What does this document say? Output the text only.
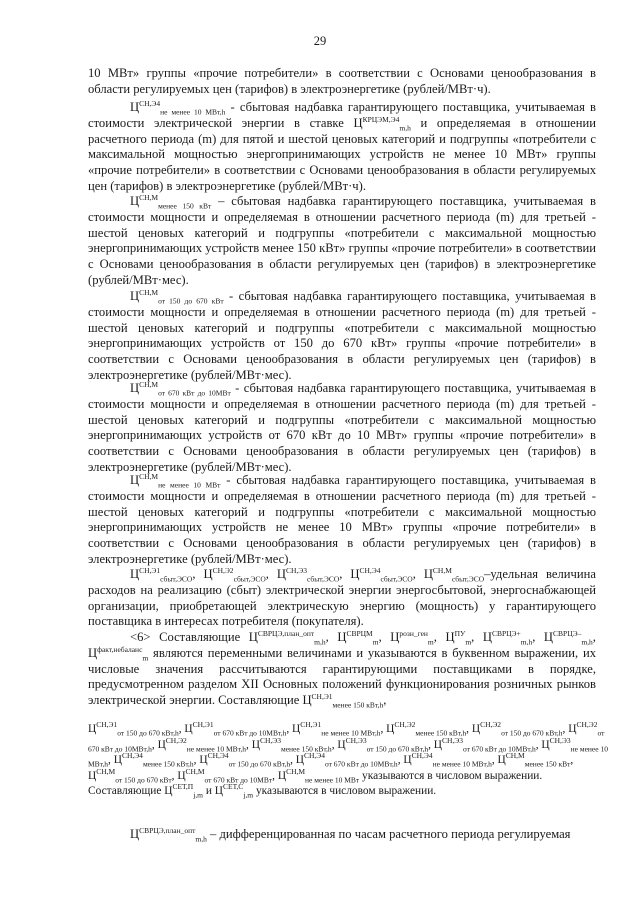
29
10 МВт» группы «прочие потребители» в соответствии с Основами ценообразования в области регулируемых цен (тарифов) в электроэнергетике (рублей/МВт·ч).
$Ц^{СН,Э4}_{не менее 10 МВт,h}$ - сбытовая надбавка гарантирующего поставщика, учитываемая в стоимости электрической энергии в ставке $Ц^{КРЦЭМ,Э4}_{m,h}$ и определяемая в отношении расчетного периода (m) для пятой и шестой ценовых категорий и подгруппы «потребители с максимальной мощностью энергопринимающих устройств не менее 10 МВт» группы «прочие потребители» в соответствии с Основами ценообразования в области регулируемых цен (тарифов) в электроэнергетике (рублей/МВт·ч).
$Ц^{СН,М}_{менее 150 кВт}$ – сбытовая надбавка гарантирующего поставщика, учитываемая в стоимости мощности и определяемая в отношении расчетного периода (m) для третьей - шестой ценовых категорий и подгруппы «потребители с максимальной мощностью энергопринимающих устройств менее 150 кВт» группы «прочие потребители» в соответствии с Основами ценообразования в области регулируемых цен (тарифов) в электроэнергетике (рублей/МВт·мес).
$Ц^{СН,М}_{от 150 до 670 кВт}$ - сбытовая надбавка гарантирующего поставщика, учитываемая в стоимости мощности и определяемая в отношении расчетного периода (m) для третьей - шестой ценовых категорий и подгруппы «потребители с максимальной мощностью энергопринимающих устройств от 150 до 670 кВт» группы «прочие потребители» в соответствии с Основами ценообразования в области регулируемых цен (тарифов) в электроэнергетике (рублей/МВт·мес).
$Ц^{СН,М}_{от 670 кВт до 10МВт}$ - сбытовая надбавка гарантирующего поставщика, учитываемая в стоимости мощности и определяемая в отношении расчетного периода (m) для третьей - шестой ценовых категорий и подгруппы «потребители с максимальной мощностью энергопринимающих устройств от 670 кВт до 10 МВт» группы «прочие потребители» в соответствии с Основами ценообразования в области регулируемых цен (тарифов) в электроэнергетике (рублей/МВт·мес).
$Ц^{СН,М}_{не менее 10 МВт}$ - сбытовая надбавка гарантирующего поставщика, учитываемая в стоимости мощности и определяемая в отношении расчетного периода (m) для третьей - шестой ценовых категорий и подгруппы «потребители с максимальной мощностью энергопринимающих устройств не менее 10 МВт» группы «прочие потребители» в соответствии с Основами ценообразования в области регулируемых цен (тарифов) в электроэнергетике (рублей/МВт·мес).
$Ц^{СН,Э1}_{сбыт,ЭСО}$, $Ц^{СН,Э2}_{сбыт,ЭСО}$, $Ц^{СН,Э3}_{сбыт,ЭСО}$, $Ц^{СН,Э4}_{сбыт,ЭСО}$, $Ц^{СН,М}_{сбыт,ЭСО}$–удельная величина расходов на реализацию (сбыт) электрической энергии энергосбытовой, энергоснабжающей организации, приобретающей электрическую энергию (мощность) у гарантирующего поставщика в интересах потребителя (покупателя).
<6> Составляющие $Ц^{СВРЦЭ,план\_опт}_{m,h}$, $Ц^{СВРЦМ}_m$, $Ц^{розн\_ген}_m$, $Ц^{ПУ}_m$, $Ц^{СВРЦЭ+}_{m,h}$, $Ц^{СВРЦЭ-}_{m,h}$, $Ц^{факт,небаланс}_m$ являются переменными величинами и указываются в буквенном выражении, их числовые значения рассчитываются гарантирующими поставщиками в порядке, предусмотренном разделом XII Основных положений функционирования розничных рынков электрической энергии. Составляющие $Ц^{СН,Э1}_{менее 150 кВт,h}$,
$Ц^{СН,Э1}_{от 150 до 670 кВт,h}$, $Ц^{СН,Э1}_{от 670 кВт до 10МВт,h}$, $Ц^{СН,Э1}_{не менее 10 МВт,h}$, $Ц^{СН,Э2}_{менее 150 кВт,h}$, $Ц^{СН,Э2}_{от 150 до 670 кВт,h}$, $Ц^{СН,Э2}_{от 670 кВт до 10МВт,h}$, $Ц^{СН,Э2}_{не менее 10 МВт,h}$, $Ц^{СН,Э3}_{менее 150 кВт,h}$, $Ц^{СН,Э3}_{от 150 до 670 кВт,h}$, $Ц^{СН,Э3}_{от 670 кВт до 10МВт,h}$, $Ц^{СН,Э3}_{не менее 10 МВт,h}$, $Ц^{СН,Э4}_{менее 150 кВт,h}$, $Ц^{СН,Э4}_{от 150 до 670 кВт,h}$, $Ц^{СН,Э4}_{от 670 кВт до 10МВт,h}$, $Ц^{СН,Э4}_{не менее 10 МВт,h}$, $Ц^{СН,М}_{менее 150 кВт}$, $Ц^{СН,М}_{от 150 до 670 кВт}$, $Ц^{СН,М}_{от 670 кВт до 10МВт}$, $Ц^{СН,М}_{не менее 10 МВт}$ указываются в числовом выражении. Составляющие $Ц^{СЕТ,П}_{j,m}$ и $Ц^{СЕТ,С}_{j,m}$ указываются в числовом выражении.
$Ц^{СВРЦЭ,план\_опт}_{m,h}$ – дифференцированная по часам расчетного периода регулируемая
